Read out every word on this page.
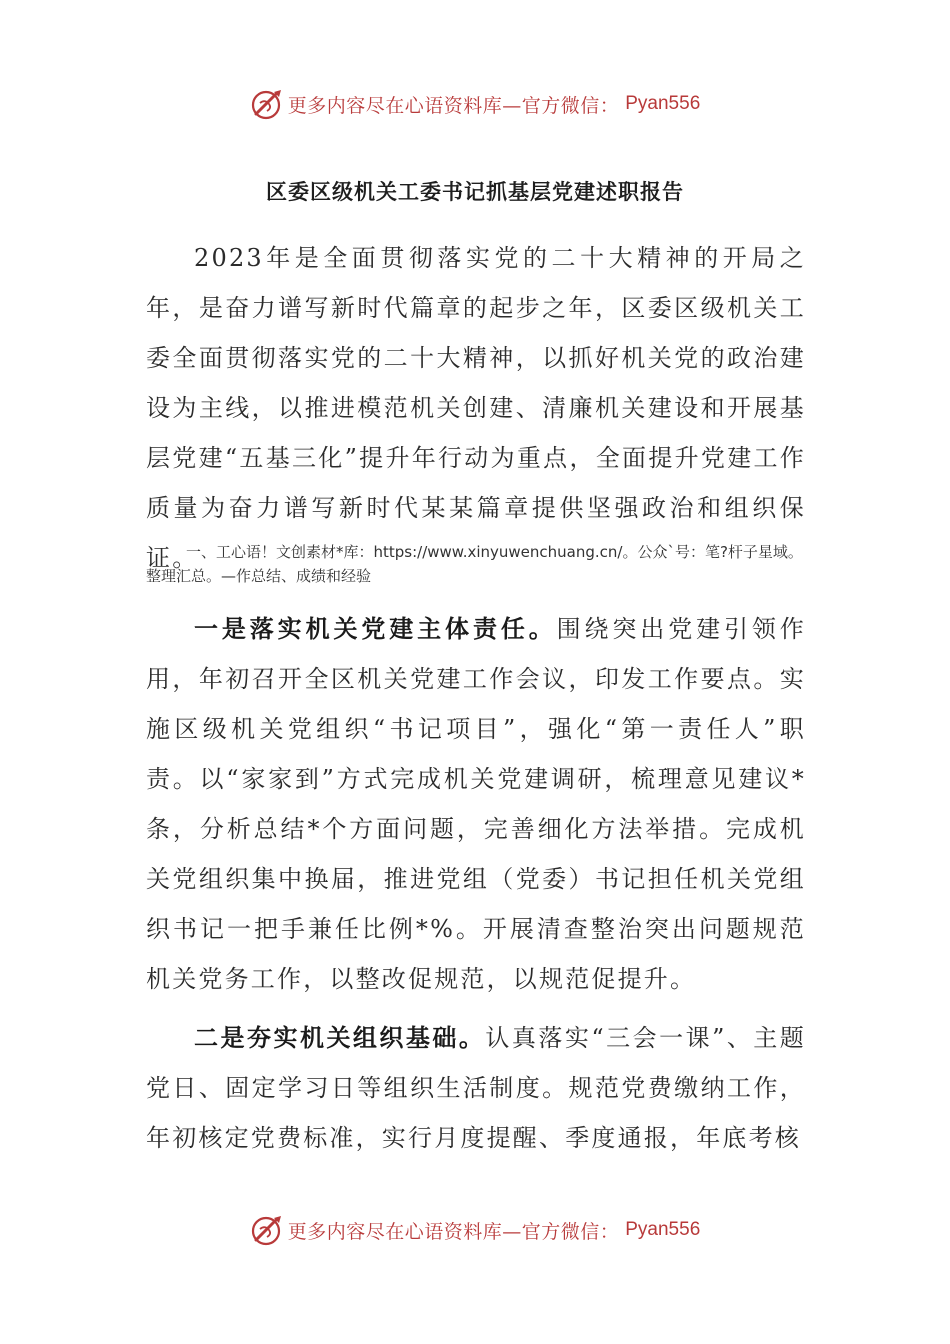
更多内容尽在心语资料库—官方微信： Pyan556
区委区级机关工委书记抓基层党建述职报告

2023年是全面贯彻落实党的二十大精神的开局之年，是奋力谱写新时代篇章的起步之年，区委区级机关工委全面贯彻落实党的二十大精神，以抓好机关党的政治建设为主线，以推进模范机关创建、清廉机关建设和开展基层党建“五基三化”提升年行动为重点，全面提升党建工作质量为奋力谱写新时代某某篇章提供坚强政治和组织保证。

一、工心语！文创素材*库：https://www.xinyuwenchuang.cn/。公众`号：笔?杆子星域。整理汇总。—作总结、成绩和经验

一是落实机关党建主体责任。围绕突出党建引领作用，年初召开全区机关党建工作会议，印发工作要点。实施区级机关党组织“书记项目”，强化“第一责任人”职责。以“家家到”方式完成机关党建调研，梳理意见建议*条，分析总结*个方面问题，完善细化方法举措。完成机关党组织集中换届，推进党组（党委）书记担任机关党组织书记一把手兼任比例*%。开展清查整治突出问题规范机关党务工作，以整改促规范，以规范促提升。

二是夯实机关组织基础。认真落实“三会一课”、主题党日、固定学习日等组织生活制度。规范党费缴纳工作，年初核定党费标准，实行月度提醒、季度通报，年底考核

更多内容尽在心语资料库—官方微信： Pyan556
